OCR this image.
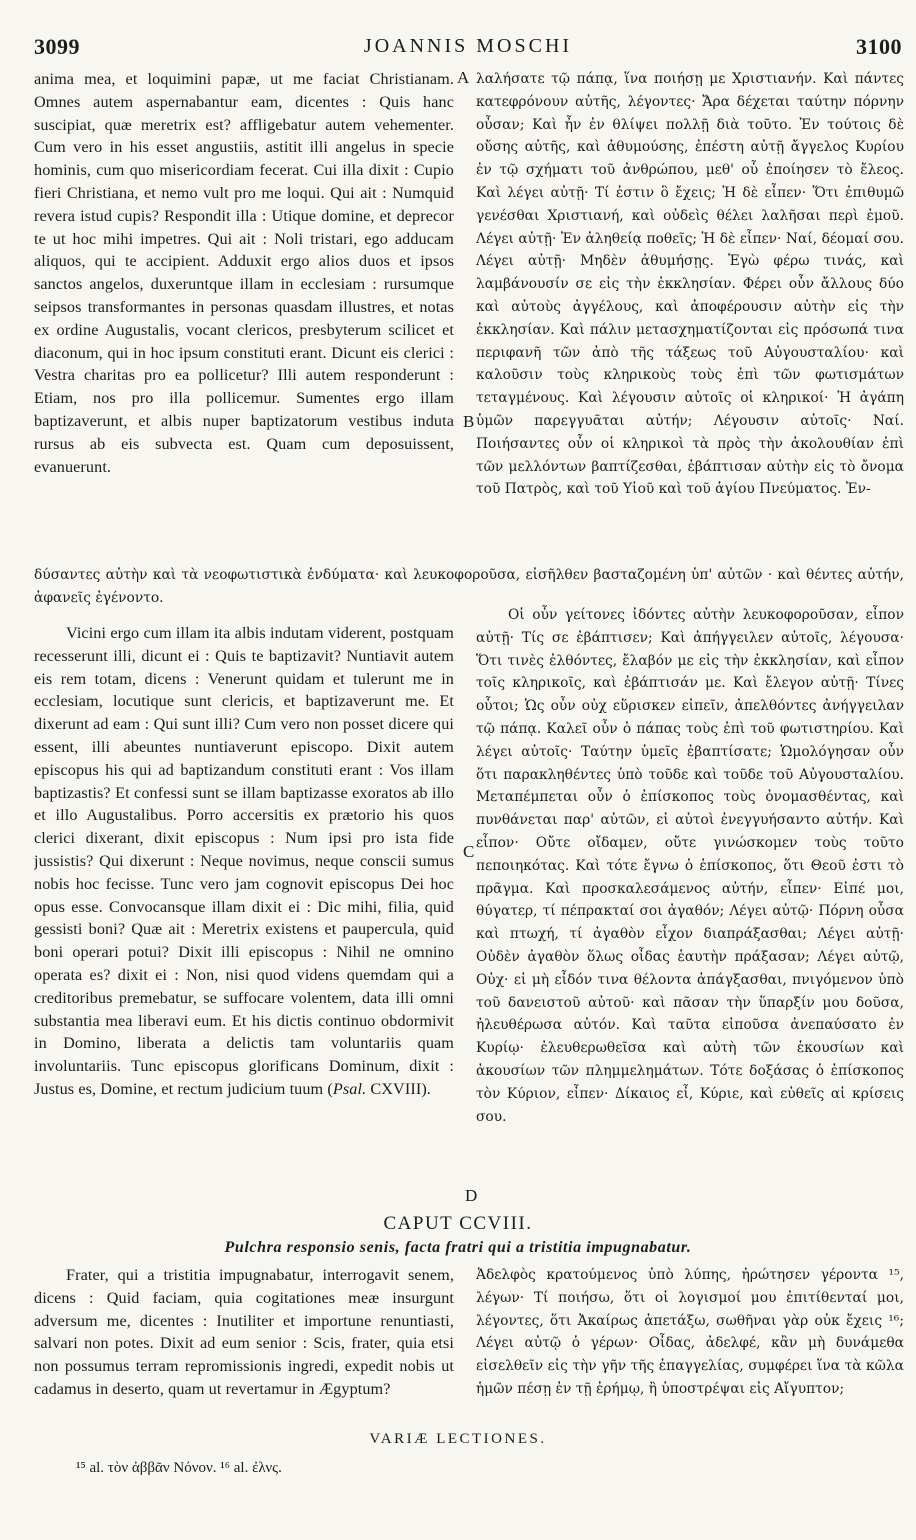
3099	JOANNIS MOSCHI	3100
A
B
C
D
anima mea, et loquimini papæ, ut me faciat Christianam. Omnes autem aspernabantur eam, dicentes : Quis hanc suscipiat, quæ meretrix est? affligebatur autem vehementer. Cum vero in his esset angustiis, astitit illi angelus in specie hominis, cum quo misericordiam fecerat. Cui illa dixit : Cupio fieri Christiana, et nemo vult pro me loqui. Qui ait : Numquid revera istud cupis? Respondit illa : Utique domine, et deprecor te ut hoc mihi impetres. Qui ait : Noli tristari, ego adducam aliquos, qui te accipient. Adduxit ergo alios duos et ipsos sanctos angelos, duxeruntque illam in ecclesiam : rursumque seipsos transformantes in personas quasdam illustres, et notas ex ordine Augustalis, vocant clericos, presbyterum scilicet et diaconum, qui in hoc ipsum constituti erant. Dicunt eis clerici : Vestra charitas pro ea pollicetur? Illi autem responderunt : Etiam, nos pro illa pollicemur. Sumentes ergo illam baptizaverunt, et albis nuper baptizatorum vestibus induta rursus ab eis subvecta est. Quam cum deposuissent, evanuerunt.
λαλήσατε τῷ πάπᾳ, ἵνα ποιήσῃ με Χριστιανήν. Καὶ πάντες κατεφρόνουν αὐτῆς, λέγοντες· Ἄρα δέχεται ταύτην πόρνην οὖσαν; Καὶ ἦν ἐν θλίψει πολλῇ διὰ τοῦτο. Ἐν τούτοις δὲ οὔσης αὐτῆς, καὶ ἀθυμούσης, ἐπέστη αὐτῇ ἄγγελος Κυρίου ἐν τῷ σχήματι τοῦ ἀνθρώπου, μεθ' οὗ ἐποίησεν τὸ ἔλεος. Καὶ λέγει αὐτῇ· Τί ἐστιν ὃ ἔχεις; Ἡ δὲ εἶπεν· Ὅτι ἐπιθυμῶ γενέσθαι Χριστιανή, καὶ οὐδεὶς θέλει λαλῆσαι περὶ ἐμοῦ. Λέγει αὐτῇ· Ἐν ἀληθείᾳ ποθεῖς; Ἡ δὲ εἶπεν· Ναί, δέομαί σου. Λέγει αὐτῇ· Μηδὲν ἀθυμήσῃς. Ἐγὼ φέρω τινάς, καὶ λαμβάνουσίν σε εἰς τὴν ἐκκλησίαν. Φέρει οὖν ἄλλους δύο καὶ αὐτοὺς ἀγγέλους, καὶ ἀποφέρουσιν αὐτὴν εἰς τὴν ἐκκλησίαν. Καὶ πάλιν μετασχηματίζονται εἰς πρόσωπά τινα περιφανῆ τῶν ἀπὸ τῆς τάξεως τοῦ Αὐγουσταλίου· καὶ καλοῦσιν τοὺς κληρικοὺς τοὺς ἐπὶ τῶν φωτισμάτων τεταγμένους. Καὶ λέγουσιν αὐτοῖς οἱ κληρικοί· Ἡ ἀγάπη ὑμῶν παρεγγυᾶται αὐτήν; Λέγουσιν αὐτοῖς· Ναί. Ποιήσαντες οὖν οἱ κληρικοὶ τὰ πρὸς τὴν ἀκολουθίαν ἐπὶ τῶν μελλόντων βαπτίζεσθαι, ἐβάπτισαν αὐτὴν εἰς τὸ ὄνομα τοῦ Πατρὸς, καὶ τοῦ Υἱοῦ καὶ τοῦ ἁγίου Πνεύματος. Ἐν-
δύσαντες αὐτὴν καὶ τὰ νεοφωτιστικὰ ἐνδύματα· καὶ λευκοφοροῦσα, εἰσῆλθεν βασταζομένη ὑπ' αὐτῶν · καὶ θέντες αὐτήν, ἀφανεῖς ἐγένοντο.
Vicini ergo cum illam ita albis indutam viderent, postquam recesserunt illi, dicunt ei : Quis te baptizavit? Nuntiavit autem eis rem totam, dicens : Venerunt quidam et tulerunt me in ecclesiam, locutique sunt clericis, et baptizaverunt me. Et dixerunt ad eam : Qui sunt illi? Cum vero non posset dicere qui essent, illi abeuntes nuntiaverunt episcopo. Dixit autem episcopus his qui ad baptizandum constituti erant : Vos illam baptizastis? Et confessi sunt se illam baptizasse exoratos ab illo et illo Augustalibus. Porro accersitis ex prætorio his quos clerici dixerant, dixit episcopus : Num ipsi pro ista fide jussistis? Qui dixerunt : Neque novimus, neque conscii sumus nobis hoc fecisse. Tunc vero jam cognovit episcopus Dei hoc opus esse. Convocansque illam dixit ei : Dic mihi, filia, quid gessisti boni? Quæ ait : Meretrix existens et paupercula, quid boni operari potui? Dixit illi episcopus : Nihil ne omnino operata es? dixit ei : Non, nisi quod videns quemdam qui a creditoribus premebatur, se suffocare volentem, data illi omni substantia mea liberavi eum. Et his dictis continuo obdormivit in Domino, liberata a delictis tam voluntariis quam involuntariis. Tunc episcopus glorificans Dominum, dixit : Justus es, Domine, et rectum judicium tuum (Psal. CXVIII).
Οἱ οὖν γείτονες ἰδόντες αὐτὴν λευκοφοροῦσαν, εἶπον αὐτῇ· Τίς σε ἐβάπτισεν; Καὶ ἀπήγγειλεν αὐτοῖς, λέγουσα· Ὅτι τινὲς ἐλθόντες, ἔλαβόν με εἰς τὴν ἐκκλησίαν, καὶ εἶπον τοῖς κληρικοῖς, καὶ ἐβάπτισάν με. Καὶ ἔλεγον αὐτῇ· Τίνες οὗτοι; Ὡς οὖν οὐχ εὕρισκεν εἰπεῖν, ἀπελθόντες ἀνήγγειλαν τῷ πάπᾳ. Καλεῖ οὖν ὁ πάπας τοὺς ἐπὶ τοῦ φωτιστηρίου. Καὶ λέγει αὐτοῖς· Ταύτην ὑμεῖς ἐβαπτίσατε; Ὡμολόγησαν οὖν ὅτι παρακληθέντες ὑπὸ τοῦδε καὶ τοῦδε τοῦ Αὐγουσταλίου. Μεταπέμπεται οὖν ὁ ἐπίσκοπος τοὺς ὀνομασθέντας, καὶ πυνθάνεται παρ' αὐτῶν, εἰ αὐτοὶ ἐνεγγυήσαντο αὐτήν. Καὶ εἶπον· Οὔτε οἴδαμεν, οὔτε γινώσκομεν τοὺς τοῦτο πεποιηκότας. Καὶ τότε ἔγνω ὁ ἐπίσκοπος, ὅτι Θεοῦ ἐστι τὸ πρᾶγμα. Καὶ προσκαλεσάμενος αὐτήν, εἶπεν· Εἰπέ μοι, θύγατερ, τί πέπρακταί σοι ἀγαθόν; Λέγει αὐτῷ· Πόρνη οὖσα καὶ πτωχή, τί ἀγαθὸν εἶχον διαπράξασθαι; Λέγει αὐτῇ· Οὐδὲν ἀγαθὸν ὅλως οἶδας ἑαυτὴν πράξασαν; Λέγει αὐτῷ, Οὐχ· εἰ μὴ εἶδόν τινα θέλοντα ἀπάγξασθαι, πνιγόμενον ὑπὸ τοῦ δανειστοῦ αὐτοῦ· καὶ πᾶσαν τὴν ὕπαρξίν μου δοῦσα, ἠλευθέρωσα αὐτόν. Καὶ ταῦτα εἰποῦσα ἀνεπαύσατο ἐν Κυρίῳ· ἐλευθερωθεῖσα καὶ αὐτὴ τῶν ἑκουσίων καὶ ἀκουσίων τῶν πλημμελημάτων. Τότε δοξάσας ὁ ἐπίσκοπος τὸν Κύριον, εἶπεν· Δίκαιος εἶ, Κύριε, καὶ εὐθεῖς αἱ κρίσεις σου.
CAPUT CCVIII.
Pulchra responsio senis, facta fratri qui a tristitia impugnabatur.
Frater, qui a tristitia impugnabatur, interrogavit senem, dicens : Quid faciam, quia cogitationes meæ insurgunt adversum me, dicentes : Inutiliter et importune renuntiasti, salvari non potes. Dixit ad eum senior : Scis, frater, quia etsi non possumus terram repromissionis ingredi, expedit nobis ut cadamus in deserto, quam ut revertamur in Ægyptum?
Ἀδελφὸς κρατούμενος ὑπὸ λύπης, ἠρώτησεν γέροντα ¹⁵, λέγων· Τί ποιήσω, ὅτι οἱ λογισμοί μου ἐπιτίθενταί μοι, λέγοντες, ὅτι Ἀκαίρως ἀπετάξω, σωθῆναι γὰρ οὐκ ἔχεις ¹⁶; Λέγει αὐτῷ ὁ γέρων· Οἶδας, ἀδελφέ, κἂν μὴ δυνάμεθα εἰσελθεῖν εἰς τὴν γῆν τῆς ἐπαγγελίας, συμφέρει ἵνα τὰ κῶλα ἡμῶν πέσῃ ἐν τῇ ἐρήμῳ, ἢ ὑποστρέψαι εἰς Αἴγυπτον;
VARIÆ LECTIONES.
¹⁵ al. τὸν ἀββᾶν Νόνον. ¹⁶ al. ἐλνς.
